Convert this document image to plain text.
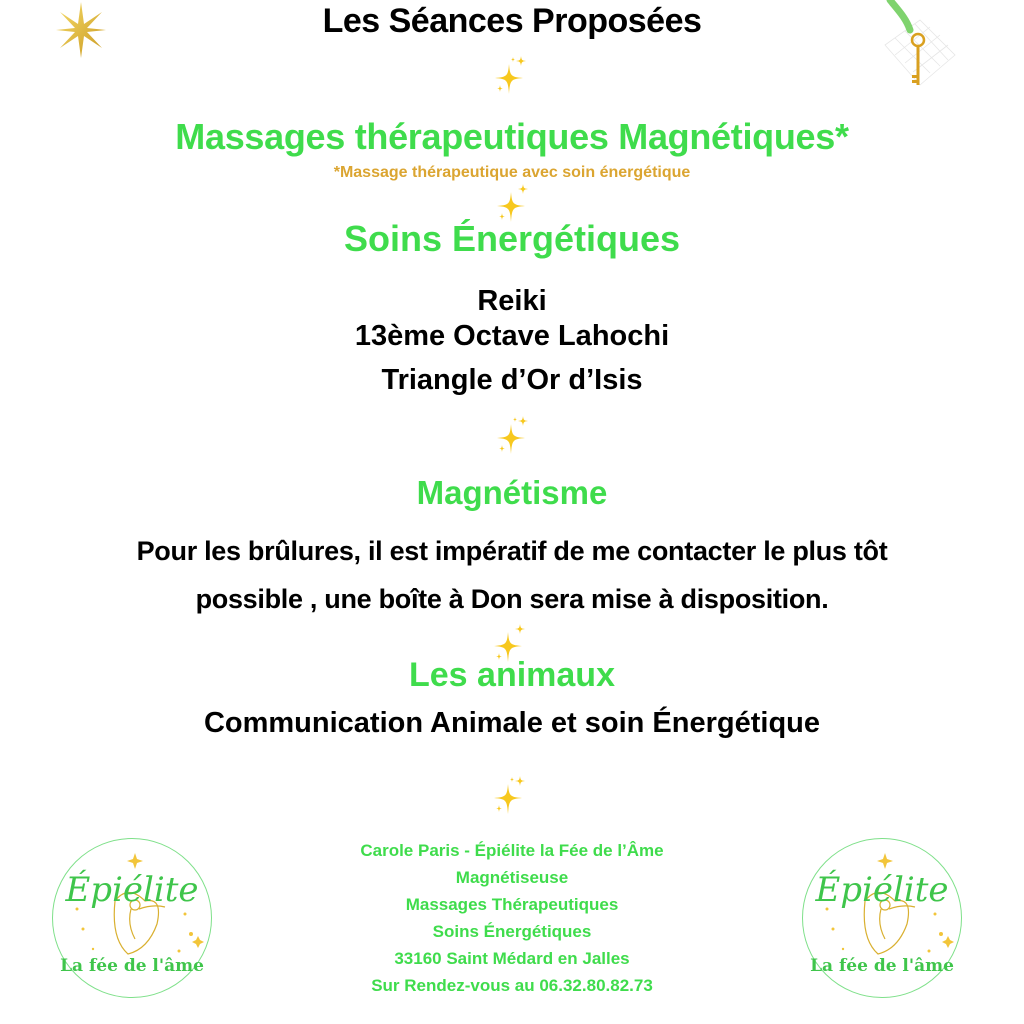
Les Séances Proposées
Massages thérapeutiques Magnétiques*
*Massage thérapeutique avec soin énergétique
Soins Énergétiques
Reiki
13ème Octave Lahochi
Triangle d’Or d’Isis
Magnétisme
Pour les brûlures, il est impératif de me contacter le plus tôt
possible , une boîte à Don sera mise à disposition.
Les animaux
Communication Animale et soin Énergétique
Carole Paris - Épiélite la Fée de l’Âme
Magnétiseuse
Massages Thérapeutiques
Soins Énergétiques
33160 Saint Médard en Jalles
Sur Rendez-vous au 06.32.80.82.73
Épiélite
La fée de l'âme
Épiélite
La fée de l'âme
